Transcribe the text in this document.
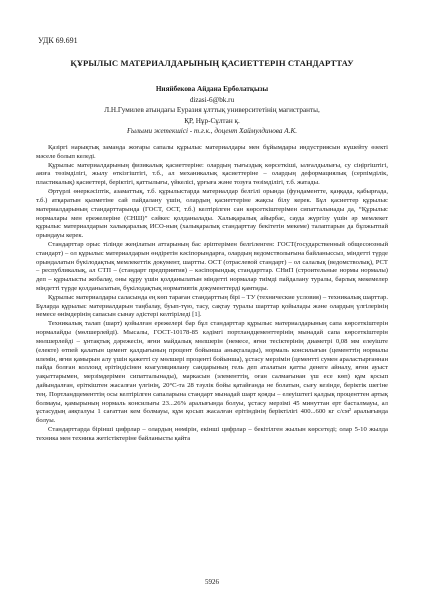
УДК 69.691
ҚҰРЫЛЫС МАТЕРИАЛДАРЫНЫҢ ҚАСИЕТТЕРІН СТАНДАРТТАУ
Нияйбекова Айдана Ерболатқызы
dizasi-6@bk.ru
Л.Н.Гумилев атындағы Еуразия ұлттық университетінің магистранты,
ҚР, Нұр-Сұлтан қ.
Ғылыми жетекшісі - т.ғ.к., доцент Хаймулдинова А.К.

Қазіргі нарықтық заманда жоғары сапалы құрылыс материалдары мен бұйымдары индустриясын күшейту өзекті мәселе болып келеді.

Құрылыс материалдарының физикалық қасиеттеріне: олардың тығыздық көрсеткіші, ылғалдылығы, су сіңіргіштігі, аязға төзімділігі, жылу өткізгіштігі, т.б., ал механикалық қасиеттеріне – олардың деформациялық (серпімділік, пластикалық) қасиеттері, беріктігі, қаттылығы, үйкелісі, ұрғыға және тозуға төзімділігі, т.б. жатады.

Әртүрлі өнеркәсіптік, азаматтық, т.б. құрылыстарда материалдар белгілі орында (фундаментте, қаңқада, қабырғада, т.б.) атқаратын қызметіне сай пайдалану үшін, олардың қасиеттеріне жақсы білу керек. Бұл қасиеттер құрылыс материалдарының стандарттарында (ГОСТ, ОСТ, т.б.) келтірілген сан көрсеткіштерімен сипатталынады да, “Құрылыс нормалары мен ережелеріне (СНШ)” сәйкес қолданылады. Халықаралық айырбас, сауда жүргізу үшін әр мемлекет құрылыс материалдарын халықаралық ИСО-ның (халықаралық стандарттау бекітетін мекеме) талаптарын да бұлжытпай орындауы керек.

Стандарттар орыс тілінде жеңілатын аттарының бас әріптерімен белгіленген: ГОСТ(государственный общесоюзный стандарт) – ол құрылыс материалдарын өндіретін кәсіпорындарға, олардың ведомстволығына байланыссыз, міндетті түрде орындалатын бүкілодақтық мемлекеттік документ, шартты. ОСТ (отраслевой стандарт) – ол салалық (ведомстволық), РСТ – республикалық, ал СТП – (стандарт предприятия) – кәсіпорындық стандарттар. СНиП (строительные нормы нормалы) деп – құрылысты жобалау, оны құру үшін қолданылатын міндетті нормалар тиімді пайдалану туралы, барлық мекемелер міндетті түрде қолданылатын, бүкілодақтық нормативтік документтерді қамтиды.

Құрылыс материалдары саласында ең көп тараған стандарттың бірі – ТУ (технические условия) – техникалық шарттар. Бұларда құрылыс материалдарын таңбалау, буып-түю, тасу, сақтау туралы шарттар қойылады және олардың үлгілерінің немесе өнімдерінің сапасын сынау әдістері келтіріледі [1].

Техникалық талап (шарт) қойылған ережелері бар бұл стандарттар құрылыс материалдарының сапа көрсеткіштерін нормалайды (мөлшерлейді). Мысалы, ГОСТ-10178-85 кәдімгі портландцементтерінің мынадай сапа көрсеткіштерін мөлшерлейді – ұнтақтық дәрежесін, яғни майдалық мөлшерін (немесе, яғни тесіктерінің диаметрі 0,08 мм елеуіште (електе) өтпей қалатын цемент қалдығының процент бойынша анықталады), нормаль консилығын (цементтің нормалы илемін, яғни қамырын алу үшін қажетті су мөлшері проценті бойынша), ұстасу мерзімін (цементті сумен араластырғаннан пайда болған коллоид ерітіндісінен коагуляциялану сандарының гель деп аталатын қатты денеге айналу, яғни ауыст уақыттарымен, мерзімдерімен сипатталынады), маркасын (элементтің, оған салмағынан үш есе көп) құм қосып дайындалған, еріткіштен жасалған үлгінің, 20°С-та 28 тәулік бойы қатайғанда не болатын, сығу кезінде, беріктік шегіне тең. Портландцементтің осы келтірілген сапаларына стандарт мынадай шарт қояды – елеуіштегі қалдық проценттен артық болмауы, қамырының нормаль консилығы 23...26% аралығында болуы, ұстасу мерзімі 45 минуттан ерт басталмауы, ал ұстасудың аяқталуы 1 сағаттан кем болмауы, құм қосып жасалған ерітіндінің беріктілігі 400...600 кг с/см² аралығында болуы.

Стандарттарда бірінші цифрлар – олардың нөмірін, екінші цифрлар – бекітілген жылын көрсетеді; олар 5-10 жылда техника мен техника жетістіктеріне байланысты қайта

5926
